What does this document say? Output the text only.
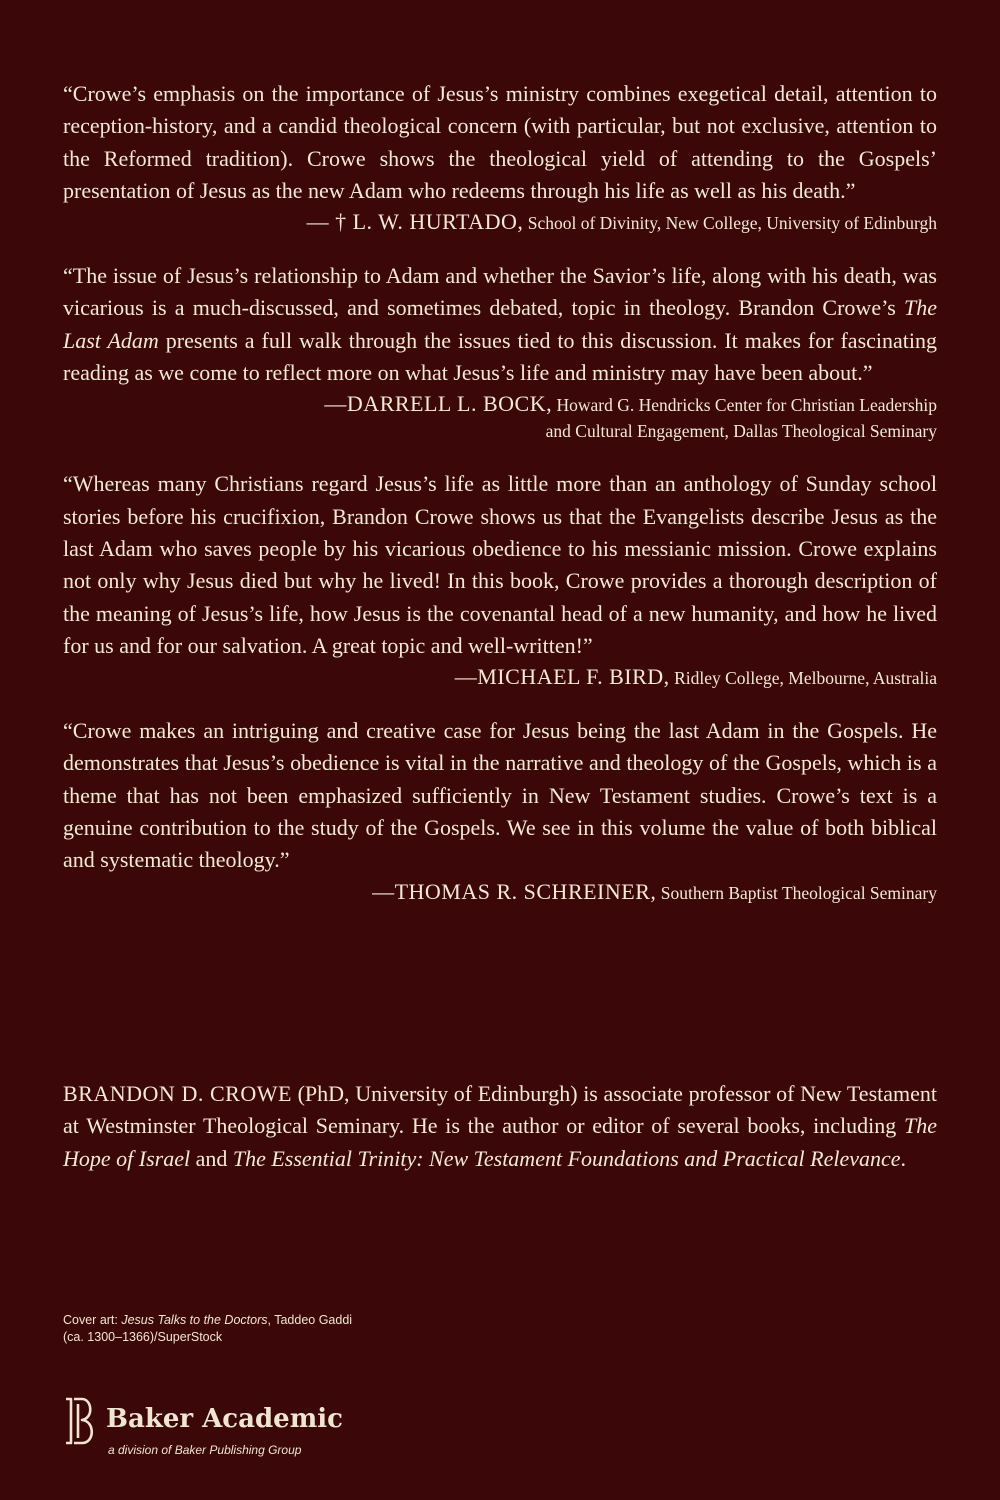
“Crowe’s emphasis on the importance of Jesus’s ministry combines exegetical detail, attention to reception-history, and a candid theological concern (with particular, but not exclusive, attention to the Reformed tradition). Crowe shows the theological yield of attending to the Gospels’ presentation of Jesus as the new Adam who redeems through his life as well as his death.”

— † L. W. HURTADO, School of Divinity, New College, University of Edinburgh

“The issue of Jesus’s relationship to Adam and whether the Savior’s life, along with his death, was vicarious is a much-discussed, and sometimes debated, topic in theology. Brandon Crowe’s The Last Adam presents a full walk through the issues tied to this discussion. It makes for fascinating reading as we come to reflect more on what Jesus’s life and ministry may have been about.”

—DARRELL L. BOCK, Howard G. Hendricks Center for Christian Leadership
and Cultural Engagement, Dallas Theological Seminary

“Whereas many Christians regard Jesus’s life as little more than an anthology of Sunday school stories before his crucifixion, Brandon Crowe shows us that the Evangelists describe Jesus as the last Adam who saves people by his vicarious obedience to his messianic mission. Crowe explains not only why Jesus died but why he lived! In this book, Crowe provides a thorough description of the meaning of Jesus’s life, how Jesus is the covenantal head of a new humanity, and how he lived for us and for our salvation. A great topic and well-written!”

—MICHAEL F. BIRD, Ridley College, Melbourne, Australia

“Crowe makes an intriguing and creative case for Jesus being the last Adam in the Gospels. He demonstrates that Jesus’s obedience is vital in the narrative and theology of the Gospels, which is a theme that has not been emphasized sufficiently in New Testament studies. Crowe’s text is a genuine contribution to the study of the Gospels. We see in this volume the value of both biblical and systematic theology.”

—THOMAS R. SCHREINER, Southern Baptist Theological Seminary

BRANDON D. CROWE (PhD, University of Edinburgh) is associate professor of New Testament at Westminster Theological Seminary. He is the author or editor of several books, including The Hope of Israel and The Essential Trinity: New Testament Foundations and Practical Relevance.

Cover art: Jesus Talks to the Doctors, Taddeo Gaddi
(ca. 1300–1366)/SuperStock
Baker Academic
a division of Baker Publishing Group
